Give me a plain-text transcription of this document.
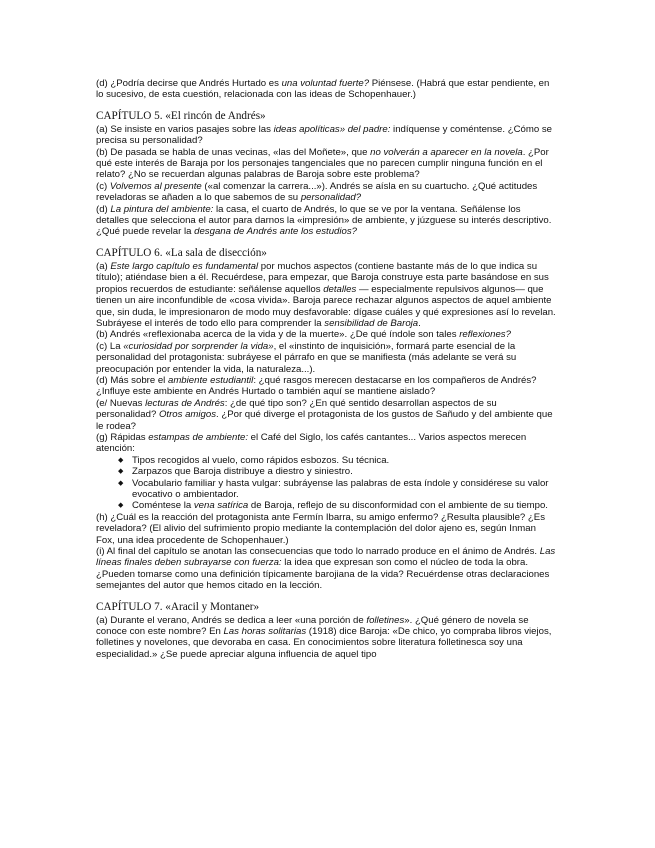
(d) ¿Podría decirse que Andrés Hurtado es una voluntad fuerte? Piénsese. (Habrá que estar pendiente, en lo sucesivo, de esta cuestión, relacionada con las ideas de Schopenhauer.)

CAPÍTULO 5. «El rincón de Andrés»

(a) Se insiste en varios pasajes sobre las ideas apolíticas» del padre: indíquense y coméntense. ¿Cómo se precisa su personalidad?

(b) De pasada se habla de unas vecinas, «las del Moñete», que no volverán a aparecer en la novela. ¿Por qué este interés de Baraja por los personajes tangenciales que no parecen cumplir ninguna función en el relato? ¿No se recuerdan algunas palabras de Baroja sobre este problema?

(c) Volvemos al presente («al comenzar la carrera...»). Andrés se aísla en su cuartucho. ¿Qué actitudes reveladoras se añaden a lo que sabemos de su personalidad?

(d) La pintura del ambiente: la casa, el cuarto de Andrés, lo que se ve por la ventana. Señálense los detalles que selecciona el autor para darnos la «impresión» de ambiente, y júzguese su interés descriptivo. ¿Qué puede revelar la desgana de Andrés ante los estudios?

CAPÍTULO 6. «La sala de disección»

(a) Este largo capítulo es fundamental por muchos aspectos (contiene bastante más de lo que indica su título); atiéndase bien a él. Recuérdese, para empezar, que Baroja construye esta parte basándose en sus propios recuerdos de estudiante: señálense aquellos detalles — especialmente repulsivos algunos— que tienen un aire inconfundible de «cosa vivida». Baroja parece rechazar algunos aspectos de aquel ambiente que, sin duda, le impresionaron de modo muy desfavorable: dígase cuáles y qué expresiones así lo revelan. Subráyese el interés de todo ello para comprender la sensibilidad de Baroja.

(b) Andrés «reflexionaba acerca de la vida y de la muerte». ¿De qué índole son tales reflexiones?

(c) La «curiosidad por sorprender la vida», el «instinto de inquisición», formará parte esencial de la personalidad del protagonista: subráyese el párrafo en que se manifiesta (más adelante se verá su preocupación por entender la vida, la naturaleza...).

(d) Más sobre el ambiente estudiantil: ¿qué rasgos merecen destacarse en los compañeros de Andrés? ¿Influye este ambiente en Andrés Hurtado o también aquí se mantiene aislado?

(e/ Nuevas lecturas de Andrés: ¿de qué tipo son? ¿En qué sentido desarrollan aspectos de su personalidad? Otros amigos. ¿Por qué diverge el protagonista de los gustos de Sañudo y del ambiente que le rodea?

(g) Rápidas estampas de ambiente: el Café del Siglo, los cafés cantantes... Varios aspectos merecen atención:

◆ Tipos recogidos al vuelo, como rápidos esbozos. Su técnica.
◆ Zarpazos que Baroja distribuye a diestro y siniestro.
◆ Vocabulario familiar y hasta vulgar: subráyense las palabras de esta índole y considérese su valor evocativo o ambientador.
◆ Coméntese la vena satírica de Baroja, reflejo de su disconformidad con el ambiente de su tiempo.

(h) ¿Cuál es la reacción del protagonista ante Fermín Ibarra, su amigo enfermo? ¿Resulta plausible? ¿Es reveladora? (El alivio del sufrimiento propio mediante la contemplación del dolor ajeno es, según Inman Fox, una idea procedente de Schopenhauer.)

(i) Al final del capítulo se anotan las consecuencias que todo lo narrado produce en el ánimo de Andrés. Las líneas finales deben subrayarse con fuerza: la idea que expresan son como el núcleo de toda la obra. ¿Pueden tomarse como una definición típicamente barojiana de la vida? Recuérdense otras declaraciones semejantes del autor que hemos citado en la lección.

CAPÍTULO 7. «Aracil y Montaner»

(a) Durante el verano, Andrés se dedica a leer «una porción de folletines». ¿Qué género de novela se conoce con este nombre? En Las horas solitarias (1918) dice Baroja: «De chico, yo compraba libros viejos, folletines y novelones, que devoraba en casa. En conocimientos sobre literatura folletinesca soy una especialidad.» ¿Se puede apreciar alguna influencia de aquel tipo
